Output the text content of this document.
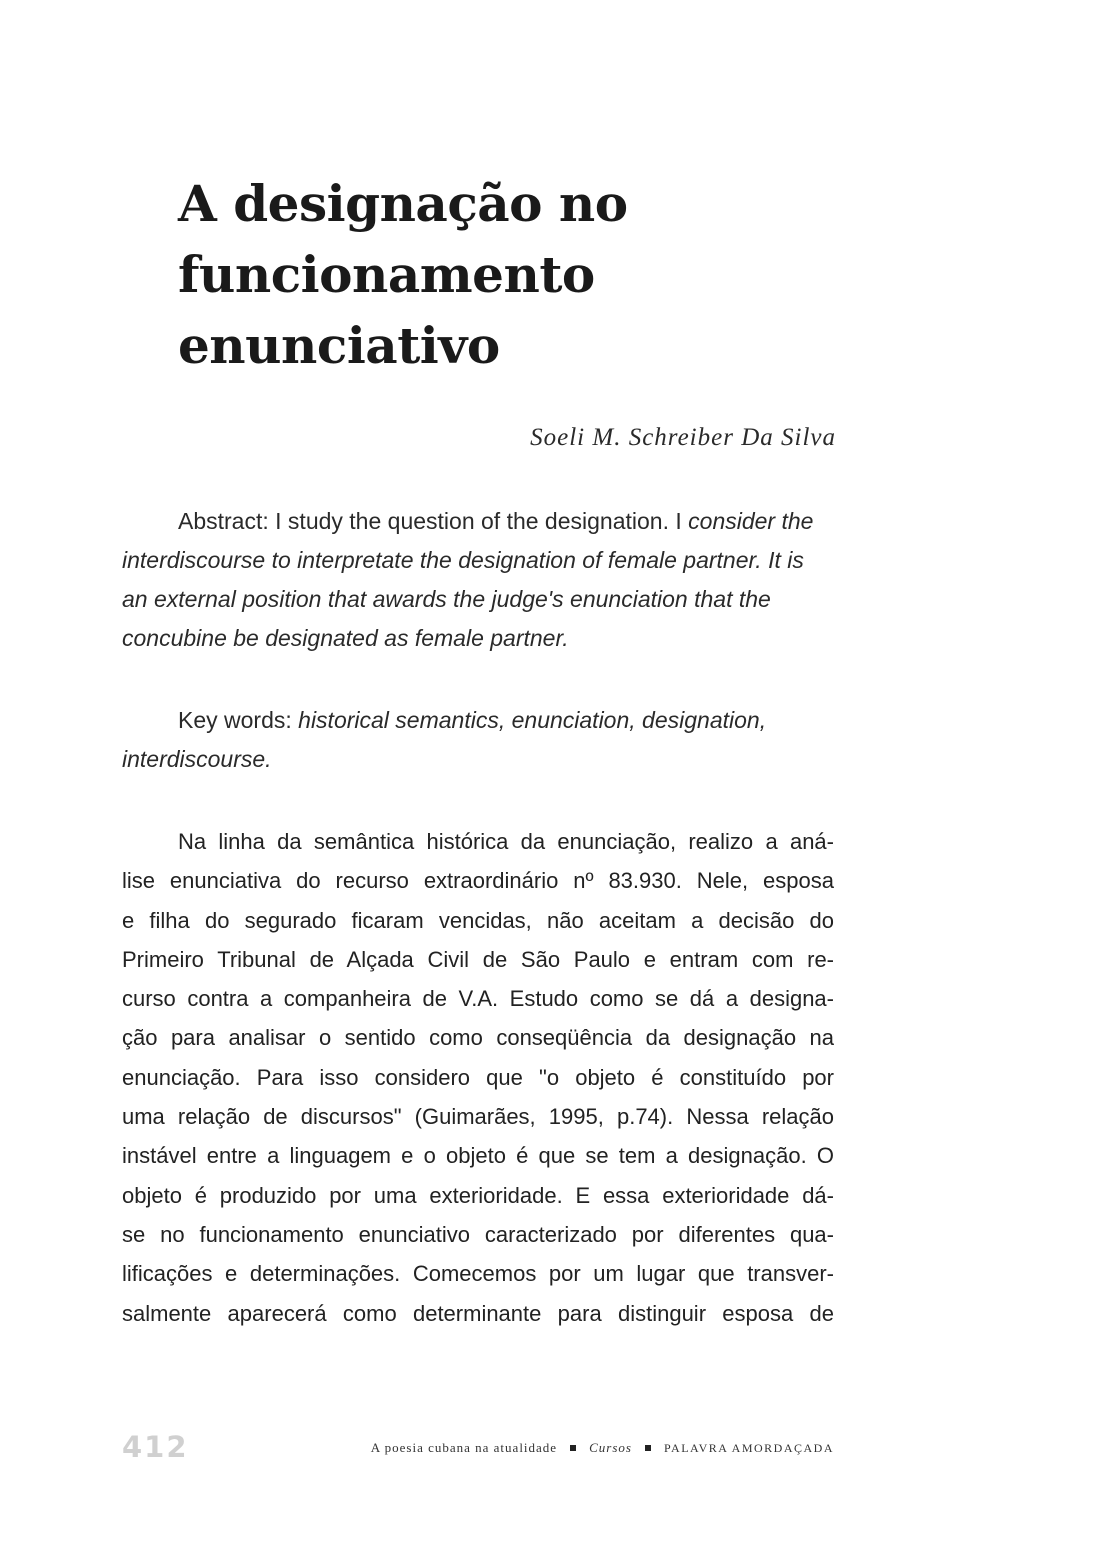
A designação no
funcionamento
enunciativo
Soeli M. Schreiber Da Silva

Abstract: I study the question of the designation. I consider the interdiscourse to interpretate the designation of female partner. It is an external position that awards the judge's enunciation that the concubine be designated as female partner.

Key words: historical semantics, enunciation, designation, interdiscourse.

Na linha da semântica histórica da enunciação, realizo a aná-
lise enunciativa do recurso extraordinário nº 83.930. Nele, esposa
e filha do segurado ficaram vencidas, não aceitam a decisão do
Primeiro Tribunal de Alçada Civil de São Paulo e entram com re-
curso contra a companheira de V.A. Estudo como se dá a designa-
ção para analisar o sentido como conseqüência da designação na
enunciação. Para isso considero que "o objeto é constituído por
uma relação de discursos" (Guimarães, 1995, p.74). Nessa relação
instável entre a linguagem e o objeto é que se tem a designação. O
objeto é produzido por uma exterioridade. E essa exterioridade dá-
se no funcionamento enunciativo caracterizado por diferentes qua-
lificações e determinações. Comecemos por um lugar que transver-
salmente aparecerá como determinante para distinguir esposa de
412	A poesia cubana na atualidade Cursos	PALAVRA AMORDAÇADA
